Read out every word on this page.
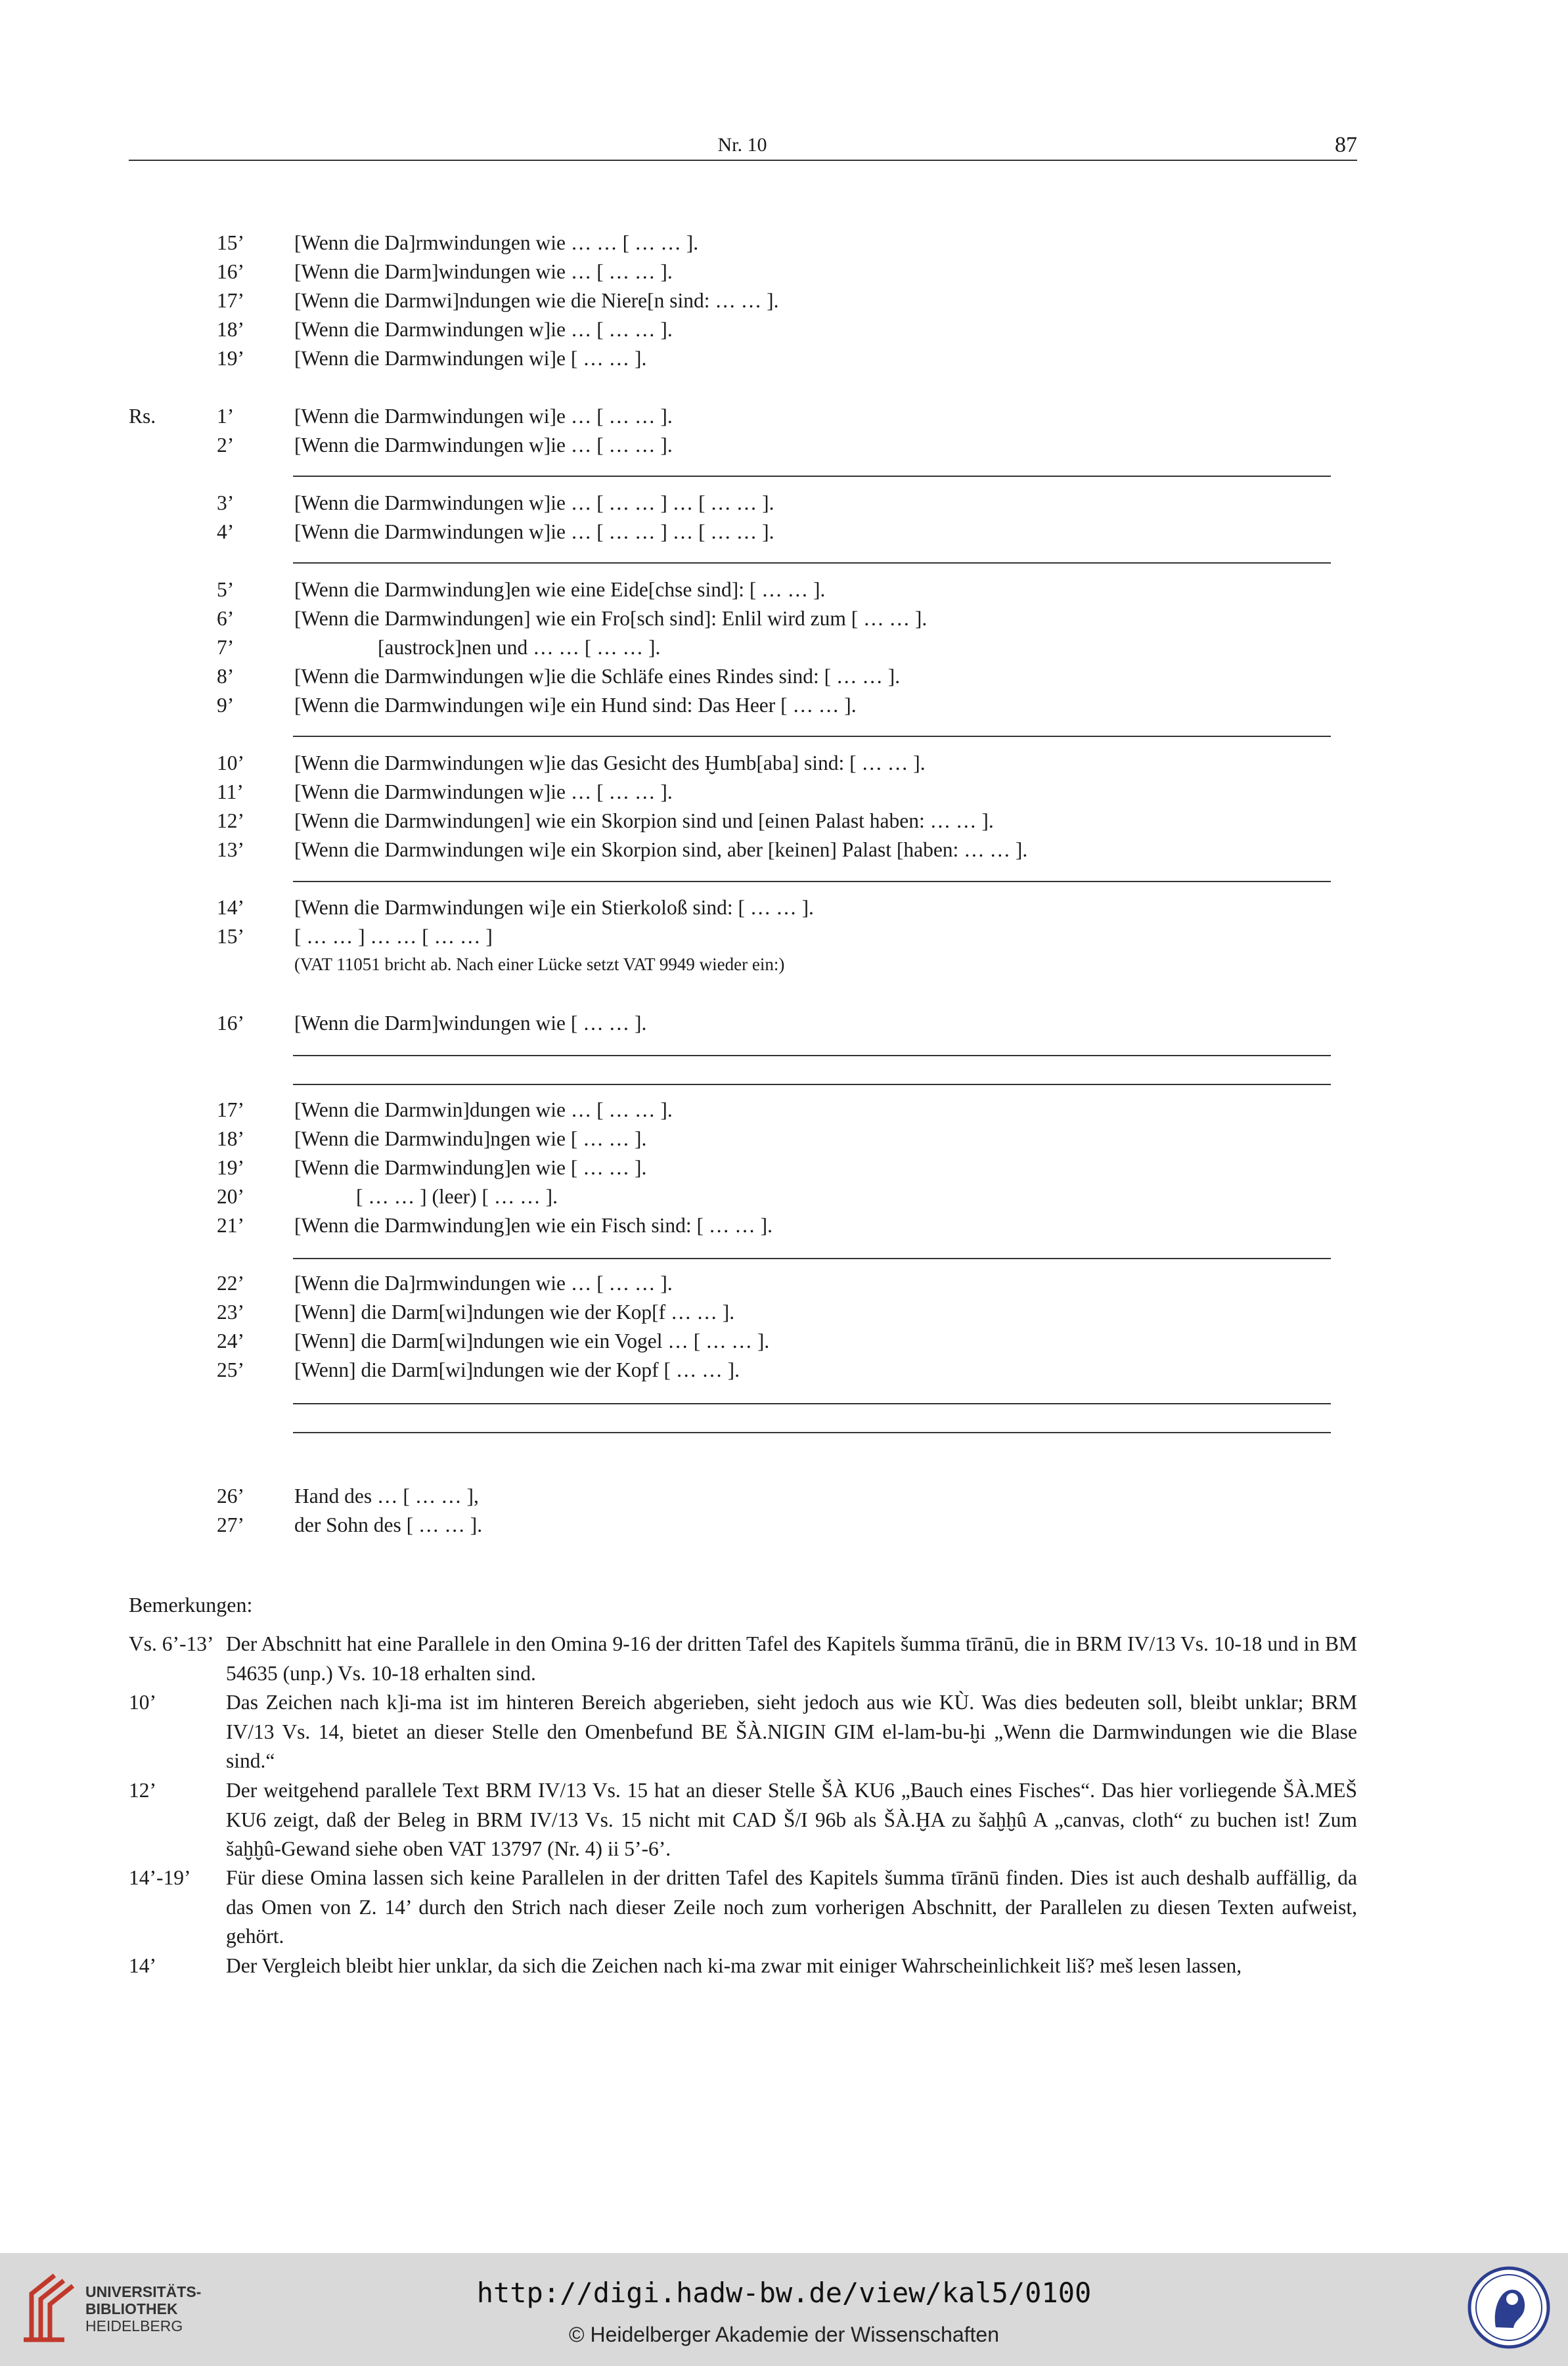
Nr. 10	87
15’	[Wenn die Da]rmwindungen wie … … [ … … ].
16’	[Wenn die Darm]windungen wie … [ … … ].
17’	[Wenn die Darmwi]ndungen wie die Niere[n sind: … … ].
18’	[Wenn die Darmwindungen w]ie … [ … … ].
19’	[Wenn die Darmwindungen wi]e [ … … ].
Rs.	1’	[Wenn die Darmwindungen wi]e … [ … … ].
2’	[Wenn die Darmwindungen w]ie … [ … … ].
3’	[Wenn die Darmwindungen w]ie … [ … … ] … [ … … ].
4’	[Wenn die Darmwindungen w]ie … [ … … ] … [ … … ].
5’	[Wenn die Darmwindung]en wie eine Eide[chse sind]: [ … … ].
6’	[Wenn die Darmwindungen] wie ein Fro[sch sind]: Enlil wird zum [ … … ].
7’	[austrock]nen und … … [ … … ].
8’	[Wenn die Darmwindungen w]ie die Schläfe eines Rindes sind: [ … … ].
9’	[Wenn die Darmwindungen wi]e ein Hund sind: Das Heer [ … … ].
10’	[Wenn die Darmwindungen w]ie das Gesicht des Ḫumb[aba] sind: [ … … ].
11’	[Wenn die Darmwindungen w]ie … [ … … ].
12’	[Wenn die Darmwindungen] wie ein Skorpion sind und [einen Palast haben: … … ].
13’	[Wenn die Darmwindungen wi]e ein Skorpion sind, aber [keinen] Palast [haben: … … ].
14’	[Wenn die Darmwindungen wi]e ein Stierkoloß sind: [ … … ].
15’	[ … … ] … … [ … … ]
(VAT 11051 bricht ab. Nach einer Lücke setzt VAT 9949 wieder ein:)
16’	[Wenn die Darm]windungen wie [ … … ].
17’	[Wenn die Darmwin]dungen wie … [ … … ].
18’	[Wenn die Darmwindu]ngen wie [ … … ].
19’	[Wenn die Darmwindung]en wie [ … … ].
20’	[ … … ] (leer) [ … … ].
21’	[Wenn die Darmwindung]en wie ein Fisch sind: [ … … ].
22’	[Wenn die Da]rmwindungen wie … [ … … ].
23’	[Wenn] die Darm[wi]ndungen wie der Kop[f … … ].
24’	[Wenn] die Darm[wi]ndungen wie ein Vogel … [ … … ].
25’	[Wenn] die Darm[wi]ndungen wie der Kopf [ … … ].
26’	Hand des … [ … … ],
27’	der Sohn des [ … … ].
Bemerkungen:
Vs. 6’-13’ Der Abschnitt hat eine Parallele in den Omina 9-16 der dritten Tafel des Kapitels šumma tīrānū, die in BRM IV/13 Vs. 10-18 und in BM 54635 (unp.) Vs. 10-18 erhalten sind.
10’	Das Zeichen nach k]i-ma ist im hinteren Bereich abgerieben, sieht jedoch aus wie KÙ. Was dies bedeuten soll, bleibt unklar; BRM IV/13 Vs. 14, bietet an dieser Stelle den Omenbefund BE ŠÀ.NIGIN GIM el-lam-bu-ḫi „Wenn die Darmwindungen wie die Blase sind.“
12’	Der weitgehend parallele Text BRM IV/13 Vs. 15 hat an dieser Stelle ŠÀ KU6 „Bauch eines Fisches“. Das hier vorliegende ŠÀ.MEŠ KU6 zeigt, daß der Beleg in BRM IV/13 Vs. 15 nicht mit CAD Š/I 96b als ŠÀ.ḪA zu šaḫḫû A „canvas, cloth“ zu buchen ist! Zum šaḫḫû-Gewand siehe oben VAT 13797 (Nr. 4) ii 5’-6’.
14’-19’ Für diese Omina lassen sich keine Parallelen in der dritten Tafel des Kapitels šumma tīrānū finden. Dies ist auch deshalb auffällig, da das Omen von Z. 14’ durch den Strich nach dieser Zeile noch zum vorherigen Abschnitt, der Parallelen zu diesen Texten aufweist, gehört.
14’	Der Vergleich bleibt hier unklar, da sich die Zeichen nach ki-ma zwar mit einiger Wahrscheinlichkeit liš? meš lesen lassen,
UNIVERSITÄTS-
BIBLIOTHEK
HEIDELBERG
http://digi.hadw-bw.de/view/kal5/0100
© Heidelberger Akademie der Wissenschaften
